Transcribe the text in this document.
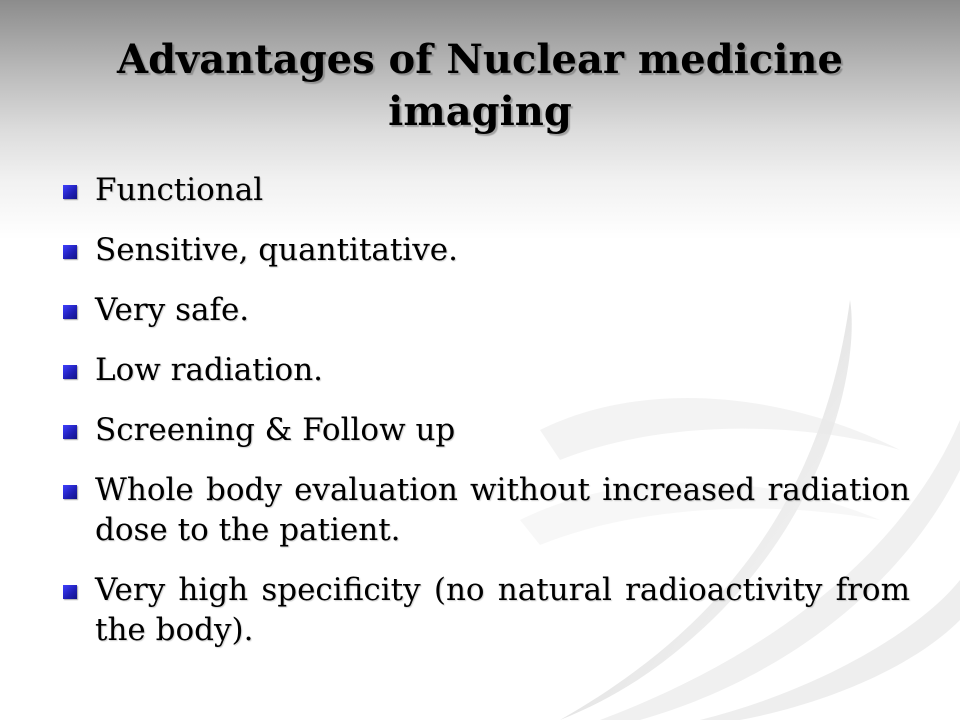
Advantages of Nuclear medicine imaging
Functional
Sensitive, quantitative.
Very safe.
Low radiation.
Screening & Follow up
Whole body evaluation without increased radiation dose to the patient.
Very high specificity (no natural radioactivity from the body).
